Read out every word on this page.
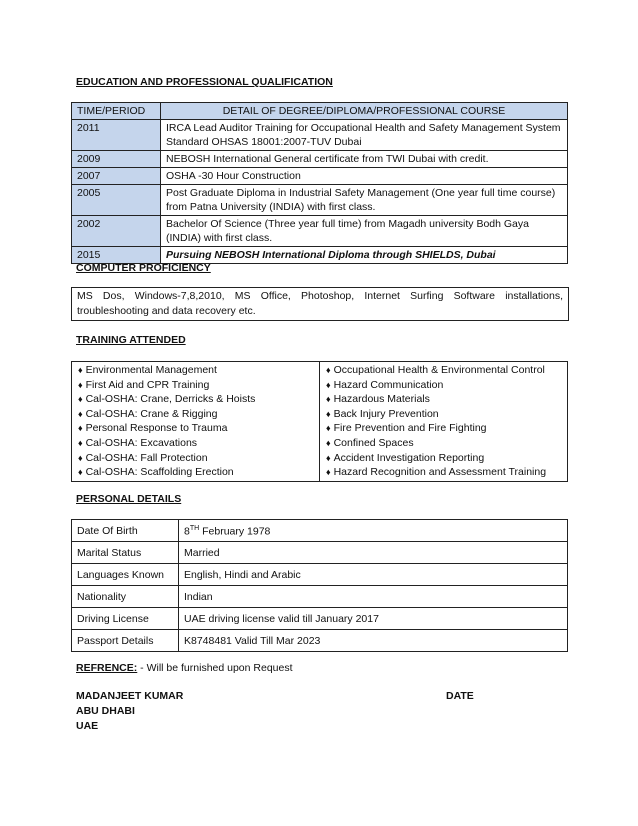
EDUCATION AND PROFESSIONAL QUALIFICATION
TIME/PERIOD	DETAIL OF DEGREE/DIPLOMA/PROFESSIONAL COURSE
2011	IRCA Lead Auditor Training for Occupational Health and Safety Management System Standard OHSAS 18001:2007-TUV Dubai
2009	NEBOSH International General certificate from TWI Dubai with credit.
2007	OSHA -30 Hour Construction
2005	Post Graduate Diploma in Industrial Safety Management (One year full time course) from Patna University (INDIA) with first class.
2002	Bachelor Of Science (Three year full time) from Magadh university Bodh Gaya (INDIA) with first class.
2015	Pursuing NEBOSH International Diploma through SHIELDS, Dubai
COMPUTER PROFICIENCY
MS Dos, Windows-7,8,2010, MS Office, Photoshop, Internet Surfing Software installations, troubleshooting and data recovery etc.
TRAINING ATTENDED
♦ Environmental Management
♦ First Aid and CPR Training
♦ Cal-OSHA: Crane, Derricks & Hoists
♦ Cal-OSHA: Crane & Rigging
♦ Personal Response to Trauma
♦ Cal-OSHA: Excavations
♦ Cal-OSHA: Fall Protection
♦ Cal-OSHA: Scaffolding Erection

♦ Occupational Health & Environmental Control
♦ Hazard Communication
♦ Hazardous Materials
♦ Back Injury Prevention
♦ Fire Prevention and Fire Fighting
♦ Confined Spaces
♦ Accident Investigation Reporting
♦ Hazard Recognition and Assessment Training
PERSONAL DETAILS
Date Of Birth	8TH February 1978
Marital Status	Married
Languages Known	English, Hindi and Arabic
Nationality	Indian
Driving License	UAE driving license valid till January 2017
Passport Details	K8748481 Valid Till Mar 2023
REFRENCE: - Will be furnished upon Request
MADANJEET KUMAR
ABU DHABI
UAE
DATE
